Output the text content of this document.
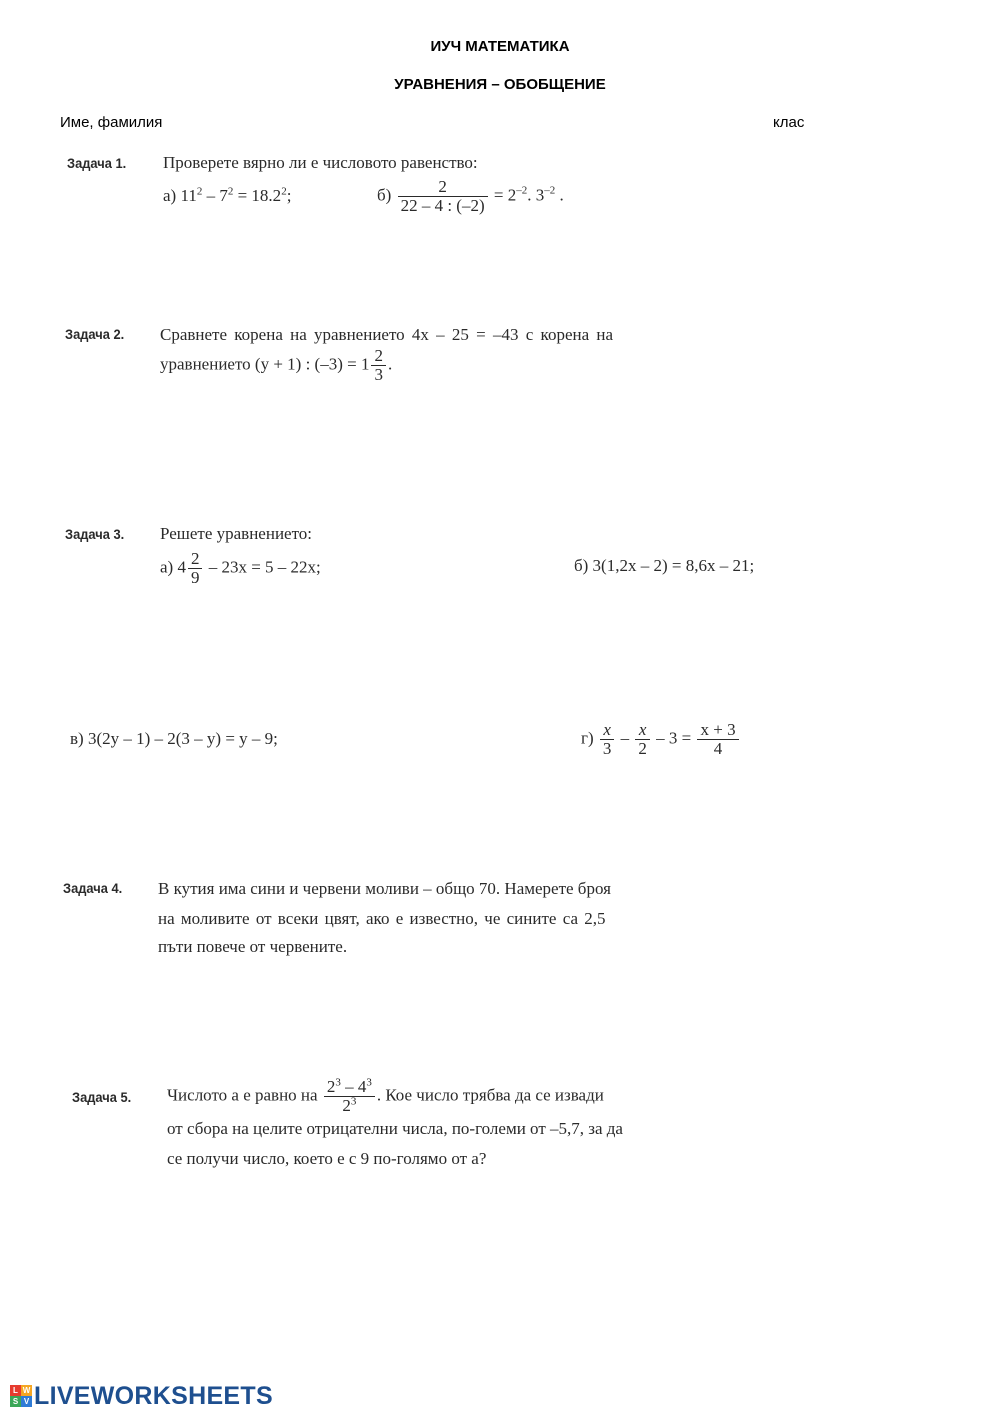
ИУЧ МАТЕМАТИКА
УРАВНЕНИЯ – ОБОБЩЕНИЕ
Име, фамилия	клас
Задача 1. Проверете вярно ли е числовото равенство:
а) $11^2 - 7^2 = 18.2^2$;	$б) \frac{2}{22 - 4 : (-2)} = 2^{-2}$. $3^{-2}$ .
Задача 2. Сравнете корена на уравнението 4x – 25 = –43 с корена на
уравнението (y + 1) : $(-3) = 1 \frac{2}{3}$ .
Задача 3. Решете уравнението:
а) $4 \frac{2}{9} - 23x = 5 - 22x$;	б) 3(1,2x – 2) = 8,6x – 21;
в) 3(2y – 1) – 2(3 – y) = y – 9;	$г) \frac{x}{3} - \frac{x}{2} - 3 = \frac{x + 3}{4}$
Задача 4. В кутия има сини и червени моливи – общо 70. Намерете броя
на моливите от всеки цвят, ако е известно, че сините са 2,5
пъти повече от червените.
Задача 5. Числото a е равно на $\frac{2^3 - 4^3}{2^3}$ . Кое число трябва да се извади
от сбора на целите отрицателни числа, по-големи от –5,7, за да
се получи число, което е с 9 по-голямо от a?
L W
S V LIVEWORKSHEETS
